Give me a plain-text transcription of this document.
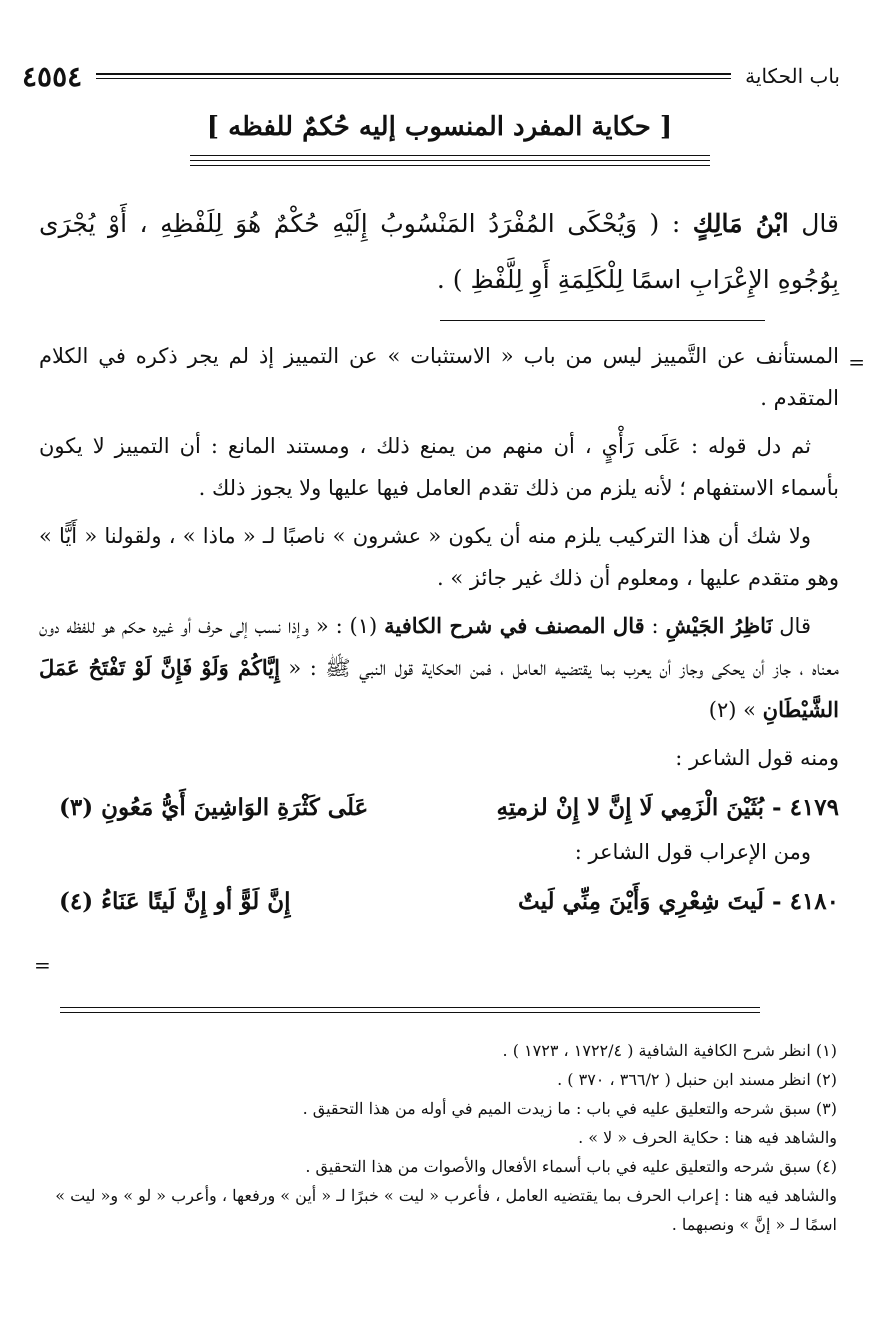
باب الحكاية
٤٥٥٤
[ حكاية المفرد المنسوب إليه حُكمٌ للفظه ]
قال ابْنُ مَالِكٍ : ( وَيُحْكَى المُفْرَدُ المَنْسُوبُ إِلَيْهِ حُكْمٌ هُوَ لِلَفْظِهِ ، أَوْ يُجْرَى بِوُجُوهِ الإِعْرَابِ اسمًا لِلْكَلِمَةِ أَوِ لِلَّفْظِ ) .
=
=

المستأنف عن التَّمييز ليس من باب « الاستثبات » عن التمييز إذ لم يجر ذكره في الكلام المتقدم .

ثم دل قوله : عَلَى رَأْيٍ ، أن منهم من يمنع ذلك ، ومستند المانع : أن التمييز لا يكون بأسماء الاستفهام ؛ لأنه يلزم من ذلك تقدم العامل فيها عليها ولا يجوز ذلك .

ولا شك أن هذا التركيب يلزم منه أن يكون « عشرون » ناصبًا لـ « ماذا » ، ولقولنا « أَيًّا » وهو متقدم عليها ، ومعلوم أن ذلك غير جائز » .

قال نَاظِرُ الجَيْشِ : قال المصنف في شرح الكافية (١) : « وإذا نسب إلى حرف أو غيره حكم هو للفظه دون معناه ، جاز أن يحكى وجاز أن يعرب بما يقتضيه العامل ، فمن الحكاية قول النبي ﷺ : « إِيَّاكُمْ وَلَوْ فَإِنَّ لَوْ تَفْتَحُ عَمَلَ الشَّيْطَانِ » (٢)

ومنه قول الشاعر :

٤١٧٩ - بُثَيْنَ الْزَمِي لَا إِنَّ لا إِنْ لزمتِهِ
عَلَى كَثْرَةِ الوَاشِينَ أَيُّ مَعُونِ (٣)

ومن الإعراب قول الشاعر :

٤١٨٠ - لَيتَ شِعْرِي وَأَيْنَ مِنِّي لَيتٌ
إِنَّ لَوًّ أو إِنَّ لَيتًا عَنَاءُ (٤)
(١) انظر شرح الكافية الشافية ( ١٧٢٢/٤ ، ١٧٢٣ ) .
(٢) انظر مسند ابن حنبل ( ٣٦٦/٢ ، ٣٧٠ ) .
(٣) سبق شرحه والتعليق عليه في باب : ما زيدت الميم في أوله من هذا التحقيق .
والشاهد فيه هنا : حكاية الحرف « لا » .
(٤) سبق شرحه والتعليق عليه في باب أسماء الأفعال والأصوات من هذا التحقيق .
والشاهد فيه هنا : إعراب الحرف بما يقتضيه العامل ، فأعرب « ليت » خبرًا لـ « أين » ورفعها ، وأعرب « لو » و« ليت » اسمًا لـ « إنَّ » ونصبهما .
